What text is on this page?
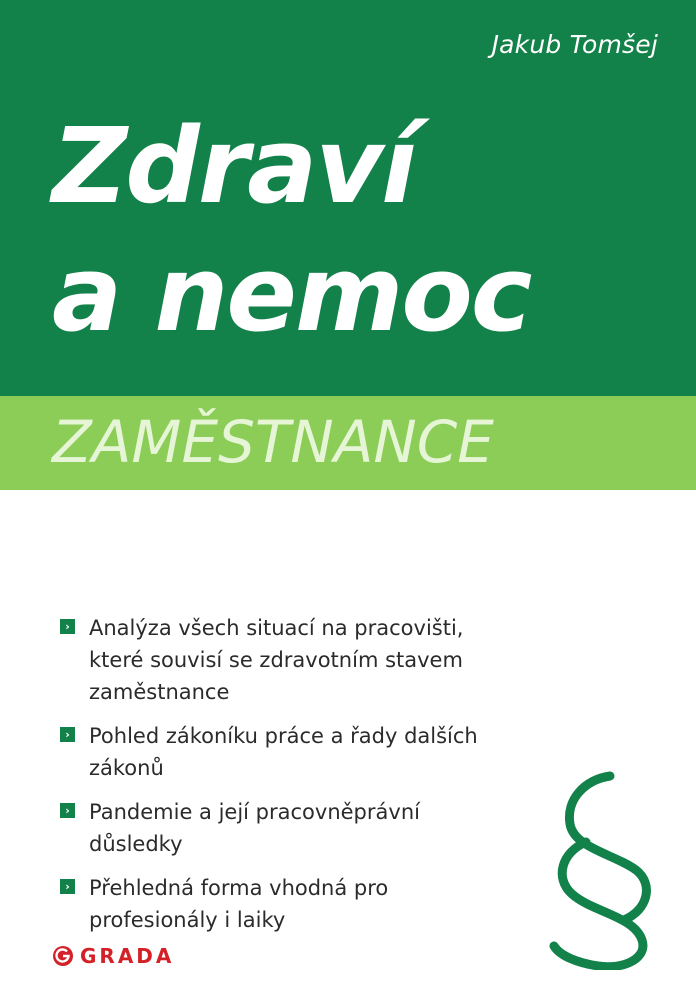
Jakub Tomšej
Zdraví
a nemoc
ZAMĚSTNANCE
› Analýza všech situací na pracovišti, které souvisí se zdravotním stavem zaměstnance
› Pohled zákoníku práce a řady dalších zákonů
› Pandemie a její pracovněprávní důsledky
› Přehledná forma vhodná pro profesionály i laiky
GRADA
